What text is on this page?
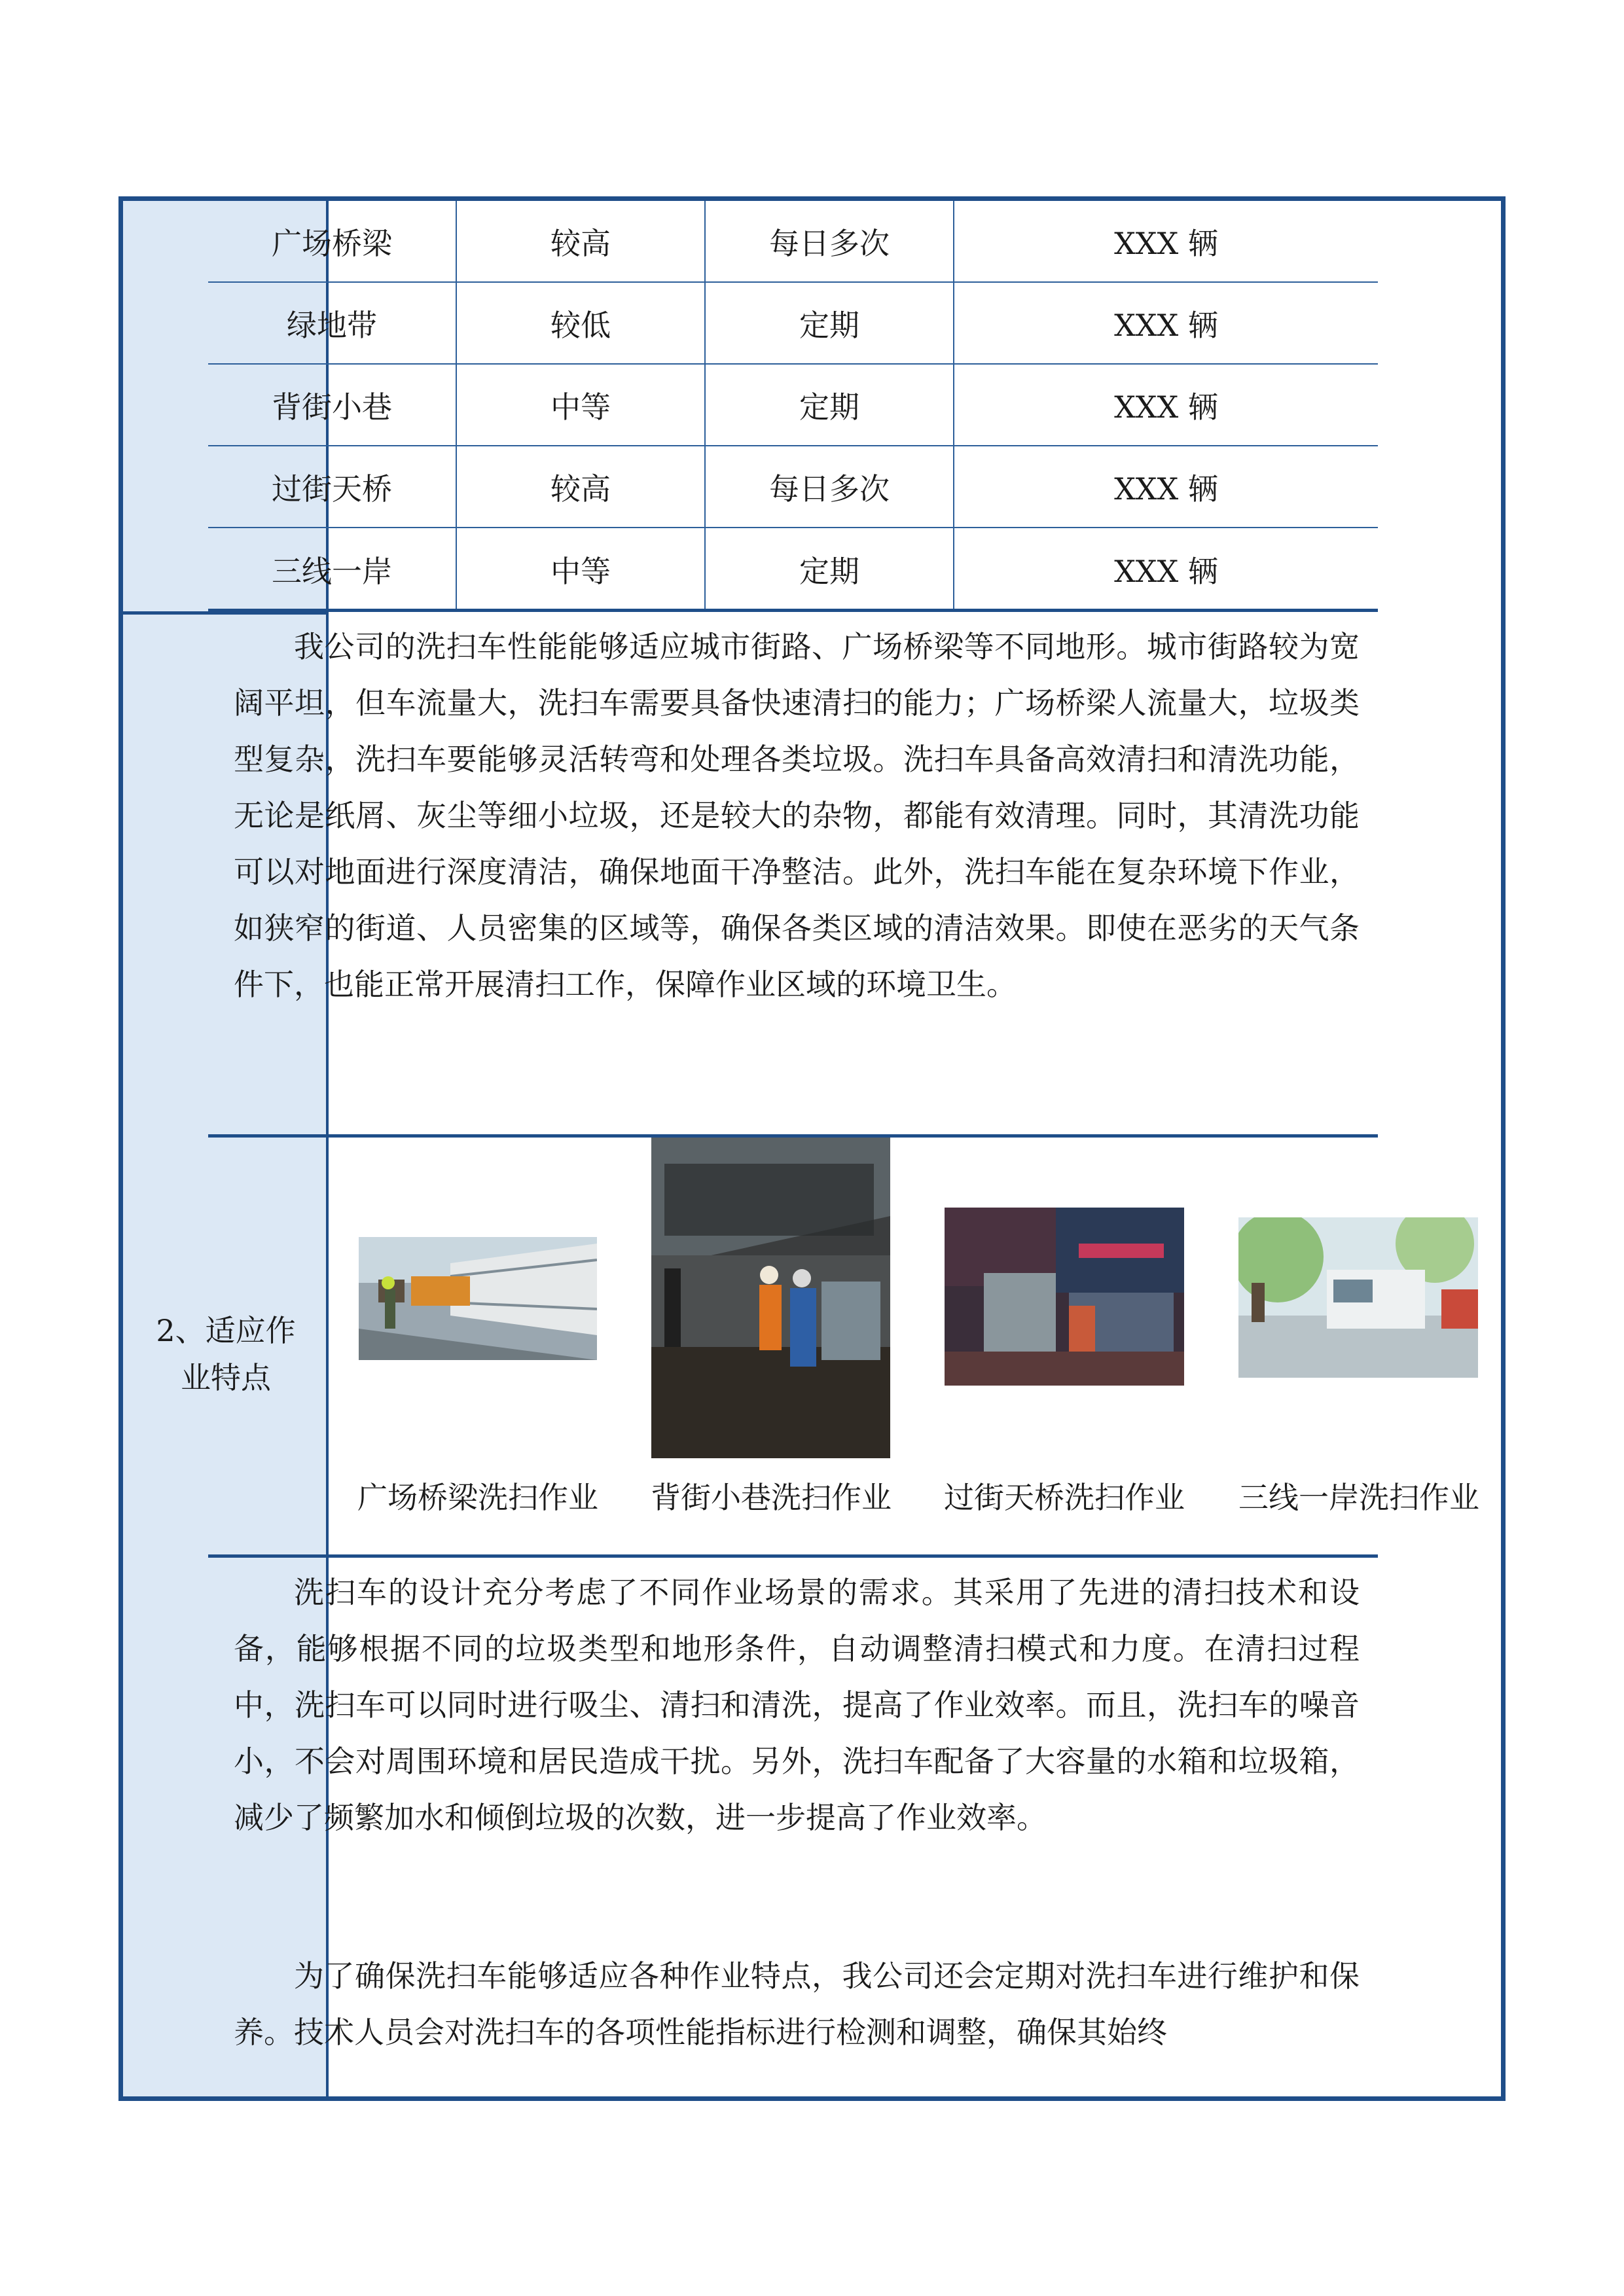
2、适应作
业特点
广场桥梁	较高	每日多次	XXX 辆
绿地带	较低	定期	XXX 辆
背街小巷	中等	定期	XXX 辆
过街天桥	较高	每日多次	XXX 辆
三线一岸	中等	定期	XXX 辆

我公司的洗扫车性能能够适应城市街路、广场桥梁等不同地形。城市街路较为宽阔平坦，但车流量大，洗扫车需要具备快速清扫的能力；广场桥梁人流量大，垃圾类型复杂，洗扫车要能够灵活转弯和处理各类垃圾。洗扫车具备高效清扫和清洗功能，无论是纸屑、灰尘等细小垃圾，还是较大的杂物，都能有效清理。同时，其清洗功能可以对地面进行深度清洁，确保地面干净整洁。此外，洗扫车能在复杂环境下作业，如狭窄的街道、人员密集的区域等，确保各类区域的清洁效果。即使在恶劣的天气条件下，也能正常开展清扫工作，保障作业区域的环境卫生。

广场桥梁洗扫作业	背街小巷洗扫作业	过街天桥洗扫作业	三线一岸洗扫作业

洗扫车的设计充分考虑了不同作业场景的需求。其采用了先进的清扫技术和设备，能够根据不同的垃圾类型和地形条件，自动调整清扫模式和力度。在清扫过程中，洗扫车可以同时进行吸尘、清扫和清洗，提高了作业效率。而且，洗扫车的噪音小，不会对周围环境和居民造成干扰。另外，洗扫车配备了大容量的水箱和垃圾箱，减少了频繁加水和倾倒垃圾的次数，进一步提高了作业效率。

为了确保洗扫车能够适应各种作业特点，我公司还会定期对洗扫车进行维护和保养。技术人员会对洗扫车的各项性能指标进行检测和调整，确保其始终
